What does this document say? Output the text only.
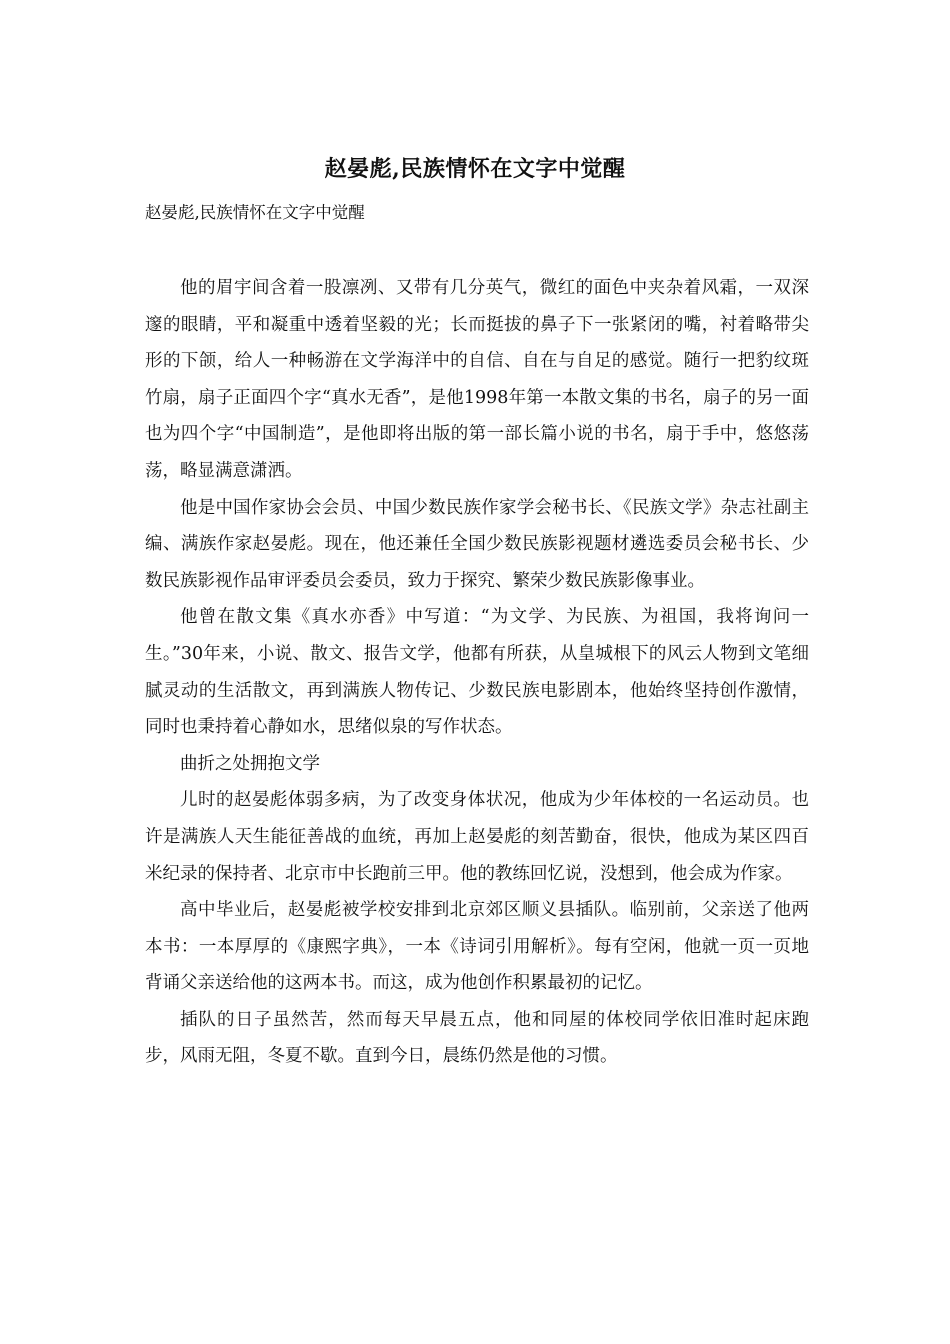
赵晏彪,民族情怀在文字中觉醒
赵晏彪,民族情怀在文字中觉醒

他的眉宇间含着一股凛冽、又带有几分英气，微红的面色中夹杂着风霜，一双深邃的眼睛，平和凝重中透着坚毅的光；长而挺拔的鼻子下一张紧闭的嘴，衬着略带尖形的下颌，给人一种畅游在文学海洋中的自信、自在与自足的感觉。随行一把豹纹斑竹扇，扇子正面四个字“真水无香”，是他1998年第一本散文集的书名，扇子的另一面也为四个字“中国制造”，是他即将出版的第一部长篇小说的书名，扇于手中，悠悠荡荡，略显满意潇洒。

他是中国作家协会会员、中国少数民族作家学会秘书长、《民族文学》杂志社副主编、满族作家赵晏彪。现在，他还兼任全国少数民族影视题材遴选委员会秘书长、少数民族影视作品审评委员会委员，致力于探究、繁荣少数民族影像事业。

他曾在散文集《真水亦香》中写道：“为文学、为民族、为祖国，我将询问一生。”30年来，小说、散文、报告文学，他都有所获，从皇城根下的风云人物到文笔细腻灵动的生活散文，再到满族人物传记、少数民族电影剧本，他始终坚持创作激情，同时也秉持着心静如水，思绪似泉的写作状态。

曲折之处拥抱文学

儿时的赵晏彪体弱多病，为了改变身体状况，他成为少年体校的一名运动员。也许是满族人天生能征善战的血统，再加上赵晏彪的刻苦勤奋，很快，他成为某区四百米纪录的保持者、北京市中长跑前三甲。他的教练回忆说，没想到，他会成为作家。

高中毕业后，赵晏彪被学校安排到北京郊区顺义县插队。临别前，父亲送了他两本书：一本厚厚的《康熙字典》，一本《诗词引用解析》。每有空闲，他就一页一页地背诵父亲送给他的这两本书。而这，成为他创作积累最初的记忆。

插队的日子虽然苦，然而每天早晨五点，他和同屋的体校同学依旧准时起床跑步，风雨无阻，冬夏不歇。直到今日，晨练仍然是他的习惯。
